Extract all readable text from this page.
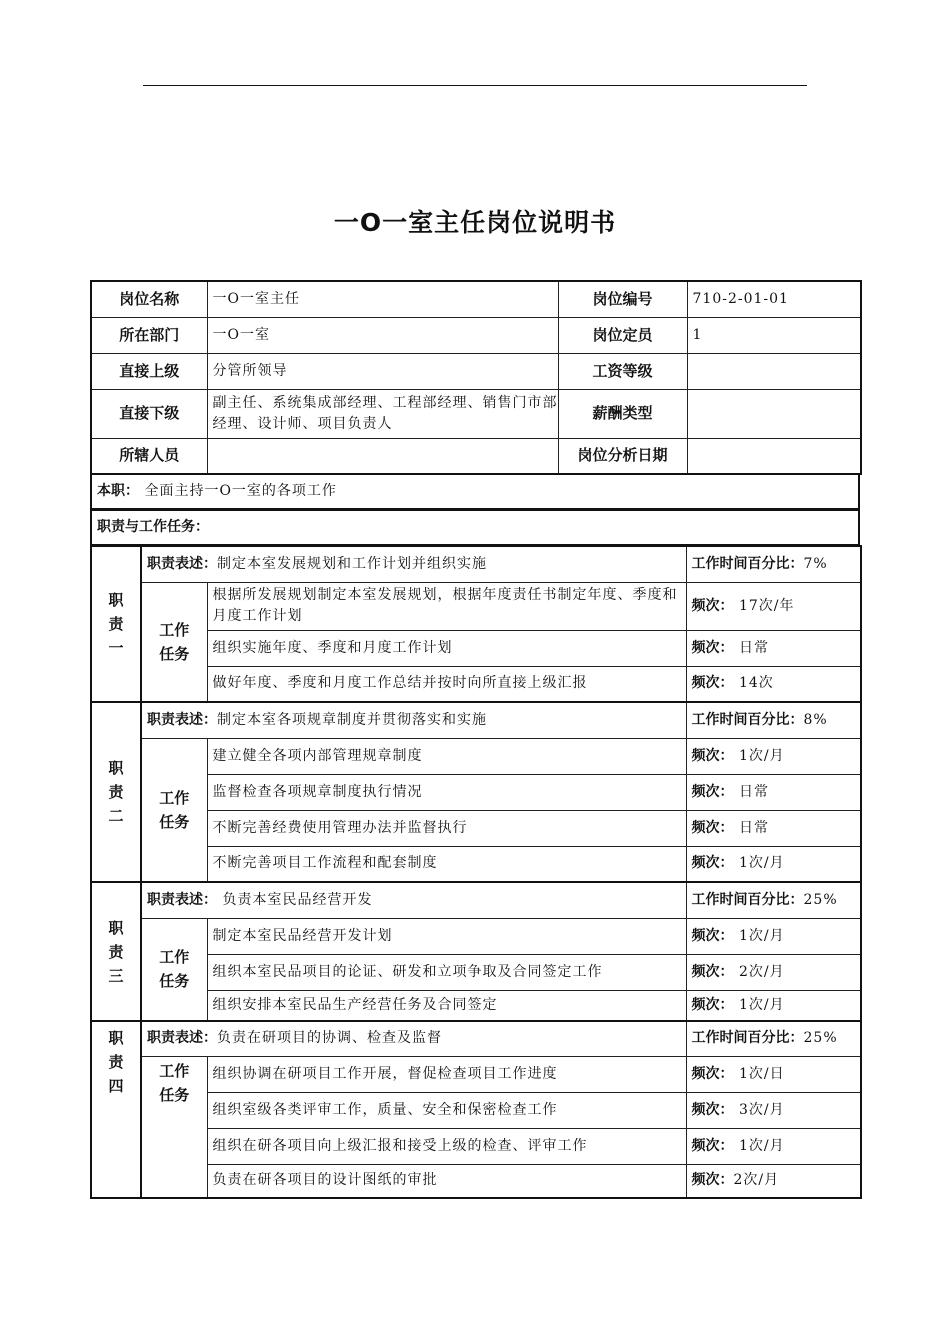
一O一室主任岗位说明书
岗位名称	一O一室主任	岗位编号	710-2-01-01
所在部门	一O一室	岗位定员	1
直接上级	分管所领导	工资等级	
直接下级	副主任、系统集成部经理、工程部经理、销售门市部经理、设计师、项目负责人	薪酬类型	
所辖人员		岗位分析日期	
本职： 全面主持一O一室的各项工作
职责与工作任务：
职责一	职责表述：制定本室发展规划和工作计划并组织实施		工作时间百分比：7%
	工作任务	根据所发展规划制定本室发展规划，根据年度责任书制定年度、季度和月度工作计划	频次： 17次/年
		组织实施年度、季度和月度工作计划	频次： 日常
		做好年度、季度和月度工作总结并按时向所直接上级汇报	频次： 14次
职责二	职责表述：制定本室各项规章制度并贯彻落实和实施		工作时间百分比：8%
	工作任务	建立健全各项内部管理规章制度	频次： 1次/月
		监督检查各项规章制度执行情况	频次： 日常
		不断完善经费使用管理办法并监督执行	频次： 日常
		不断完善项目工作流程和配套制度	频次： 1次/月
职责三	职责表述： 负责本室民品经营开发		工作时间百分比：25%
	工作任务	制定本室民品经营开发计划	频次： 1次/月
		组织本室民品项目的论证、研发和立项争取及合同签定工作	频次： 2次/月
		组织安排本室民品生产经营任务及合同签定	频次： 1次/月
职责四	职责表述：负责在研项目的协调、检查及监督		工作时间百分比：25%
	工作任务	组织协调在研项目工作开展，督促检查项目工作进度	频次： 1次/日
		组织室级各类评审工作，质量、安全和保密检查工作	频次： 3次/月
		组织在研各项目向上级汇报和接受上级的检查、评审工作	频次： 1次/月
		负责在研各项目的设计图纸的审批	频次：2次/月
